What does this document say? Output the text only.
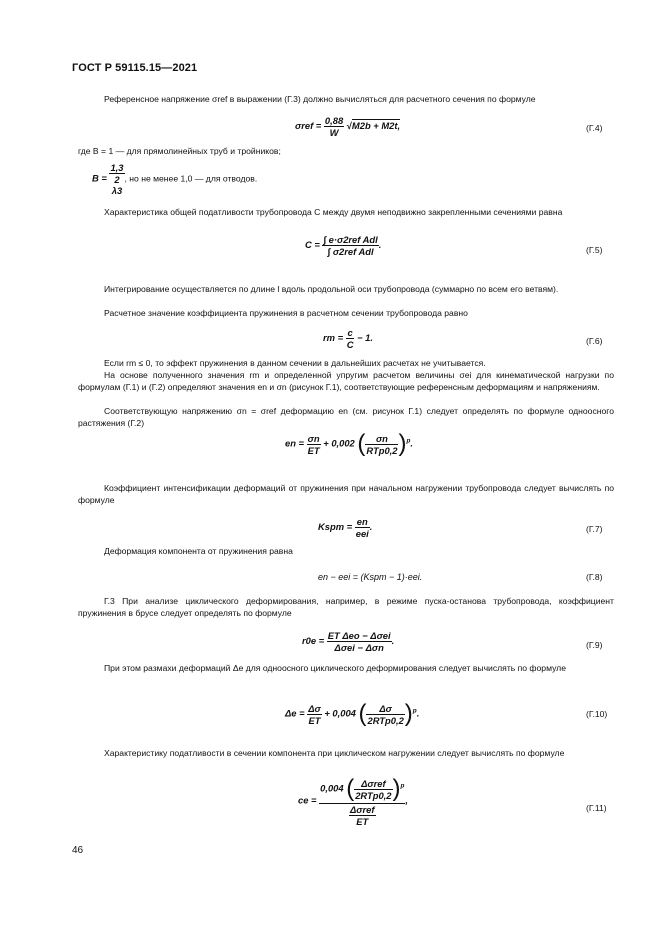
ГОСТ Р 59115.15—2021
Референсное напряжение σref в выражении (Г.3) должно вычисляться для расчетного сечения по формуле
$\sigma ref = \frac{0,88}{W} √M2b + M2t$,	(Г.4)
где B = 1 — для прямолинейных труб и тройников;
B =
1,3
2
λ3
, но не менее 1,0 — для отводов.
Характеристика общей податливости трубопровода C между двумя неподвижно закрепленными сечениями равна
$C = \frac{\text{∫ e·σ2ref Adl}}{\text{∫ σ2ref Adl}}$ .
(Г.5)
Интегрирование осуществляется по длине l вдоль продольной оси трубопровода (суммарно по всем его ветвям).
Расчетное значение коэффициента пружинения в расчетном сечении трубопровода равно
rm = $\frac{c}{C} - 1$.	(Г.6)
Если rm ≤ 0, то эффект пружинения в данном сечении в дальнейших расчетах не учитывается.
На основе полученного значения rm и определенной упругим расчетом величины σei для кинематической нагрузки по формулам (Г.1) и (Г.2) определяют значения en и σn (рисунок Г.1), соответствующие референсным деформациям и напряжениям.
Соответствующую напряжению σn = σref деформацию en (см. рисунок Г.1) следует определять по формуле одноосного растяжения (Г.2)
en = $\frac{\sigma n}{ET} + 0,002$ ( $\frac{\sigma n}{\text{RTp0,2}} )^p$.
Коэффициент интенсификации деформаций от пружинения при начальном нагружении трубопровода следует вычислять по формуле
Kspm = $\frac{en}{\text{eei}}$ .	(Г.7)
Деформация компонента от пружинения равна
en − eei = (Kspm − 1)·eei.	(Г.8)
Г.3 При анализе циклического деформирования, например, в режиме пуска-останова трубопровода, коэффициент пружинения в брусе следует определять по формуле
$r0e = \frac{\text{ET Δeo − Δσei}}{\text{Δσei − Δσn}}$ .	(Г.9)
При этом размахи деформаций Δe для одноосного циклического деформирования следует вычислять по формуле
$\Delta e = \frac{\Delta\sigma}{ET} + 0,004$ ( $\frac{\Delta\sigma}{\text{2RTp0,2}} )^p$.	(Г.10)
Характеристику податливости в сечении компонента при циклическом нагружении следует вычислять по формуле
ce = $\frac{0,004 ( \frac{\text{Δσref}}{\text{2RTp0,2}} )^p}{\frac{\text{Δσref}}{ET}}$ ,
(Г.11)
46
